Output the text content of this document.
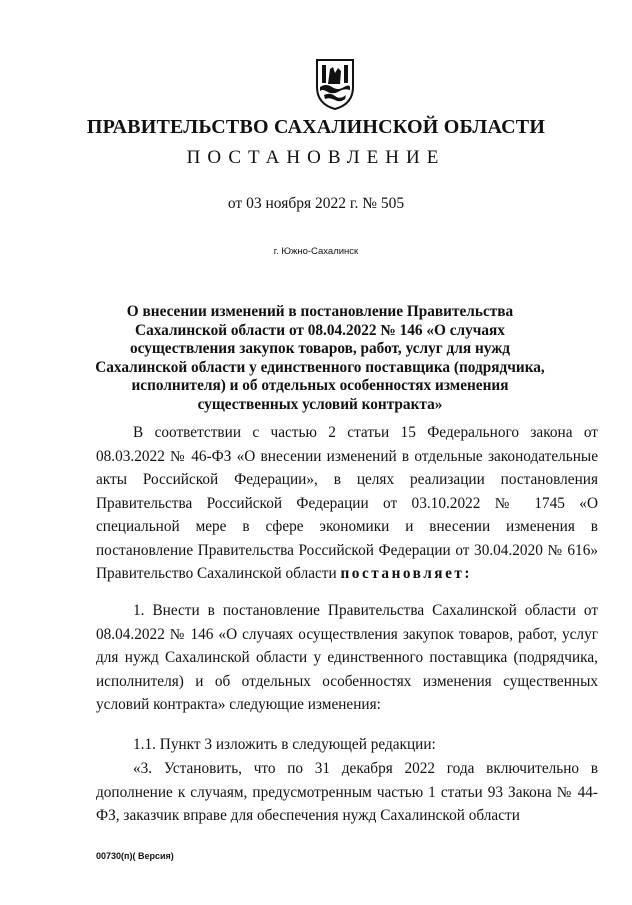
ПРАВИТЕЛЬСТВО САХАЛИНСКОЙ ОБЛАСТИ
ПОСТАНОВЛЕНИЕ
от 03 ноября 2022 г. № 505
г. Южно-Сахалинск
О внесении изменений в постановление Правительства Сахалинской области от 08.04.2022 № 146 «О случаях осуществления закупок товаров, работ, услуг для нужд Сахалинской области у единственного поставщика (подрядчика, исполнителя) и об отдельных особенностях изменения существенных условий контракта»

В соответствии с частью 2 статьи 15 Федерального закона от 08.03.2022 № 46-ФЗ «О внесении изменений в отдельные законодательные акты Российской Федерации», в целях реализации постановления Правительства Российской Федерации от 03.10.2022 № 1745 «О специальной мере в сфере экономики и внесении изменения в постановление Правительства Российской Федерации от 30.04.2020 № 616» Правительство Сахалинской области постановляет:

1. Внести в постановление Правительства Сахалинской области от 08.04.2022 № 146 «О случаях осуществления закупок товаров, работ, услуг для нужд Сахалинской области у единственного поставщика (подрядчика, исполнителя) и об отдельных особенностях изменения существенных условий контракта» следующие изменения:

1.1. Пункт 3 изложить в следующей редакции:

«3. Установить, что по 31 декабря 2022 года включительно в дополнение к случаям, предусмотренным частью 1 статьи 93 Закона № 44-ФЗ, заказчик вправе для обеспечения нужд Сахалинской области

00730(п)( Версия)
